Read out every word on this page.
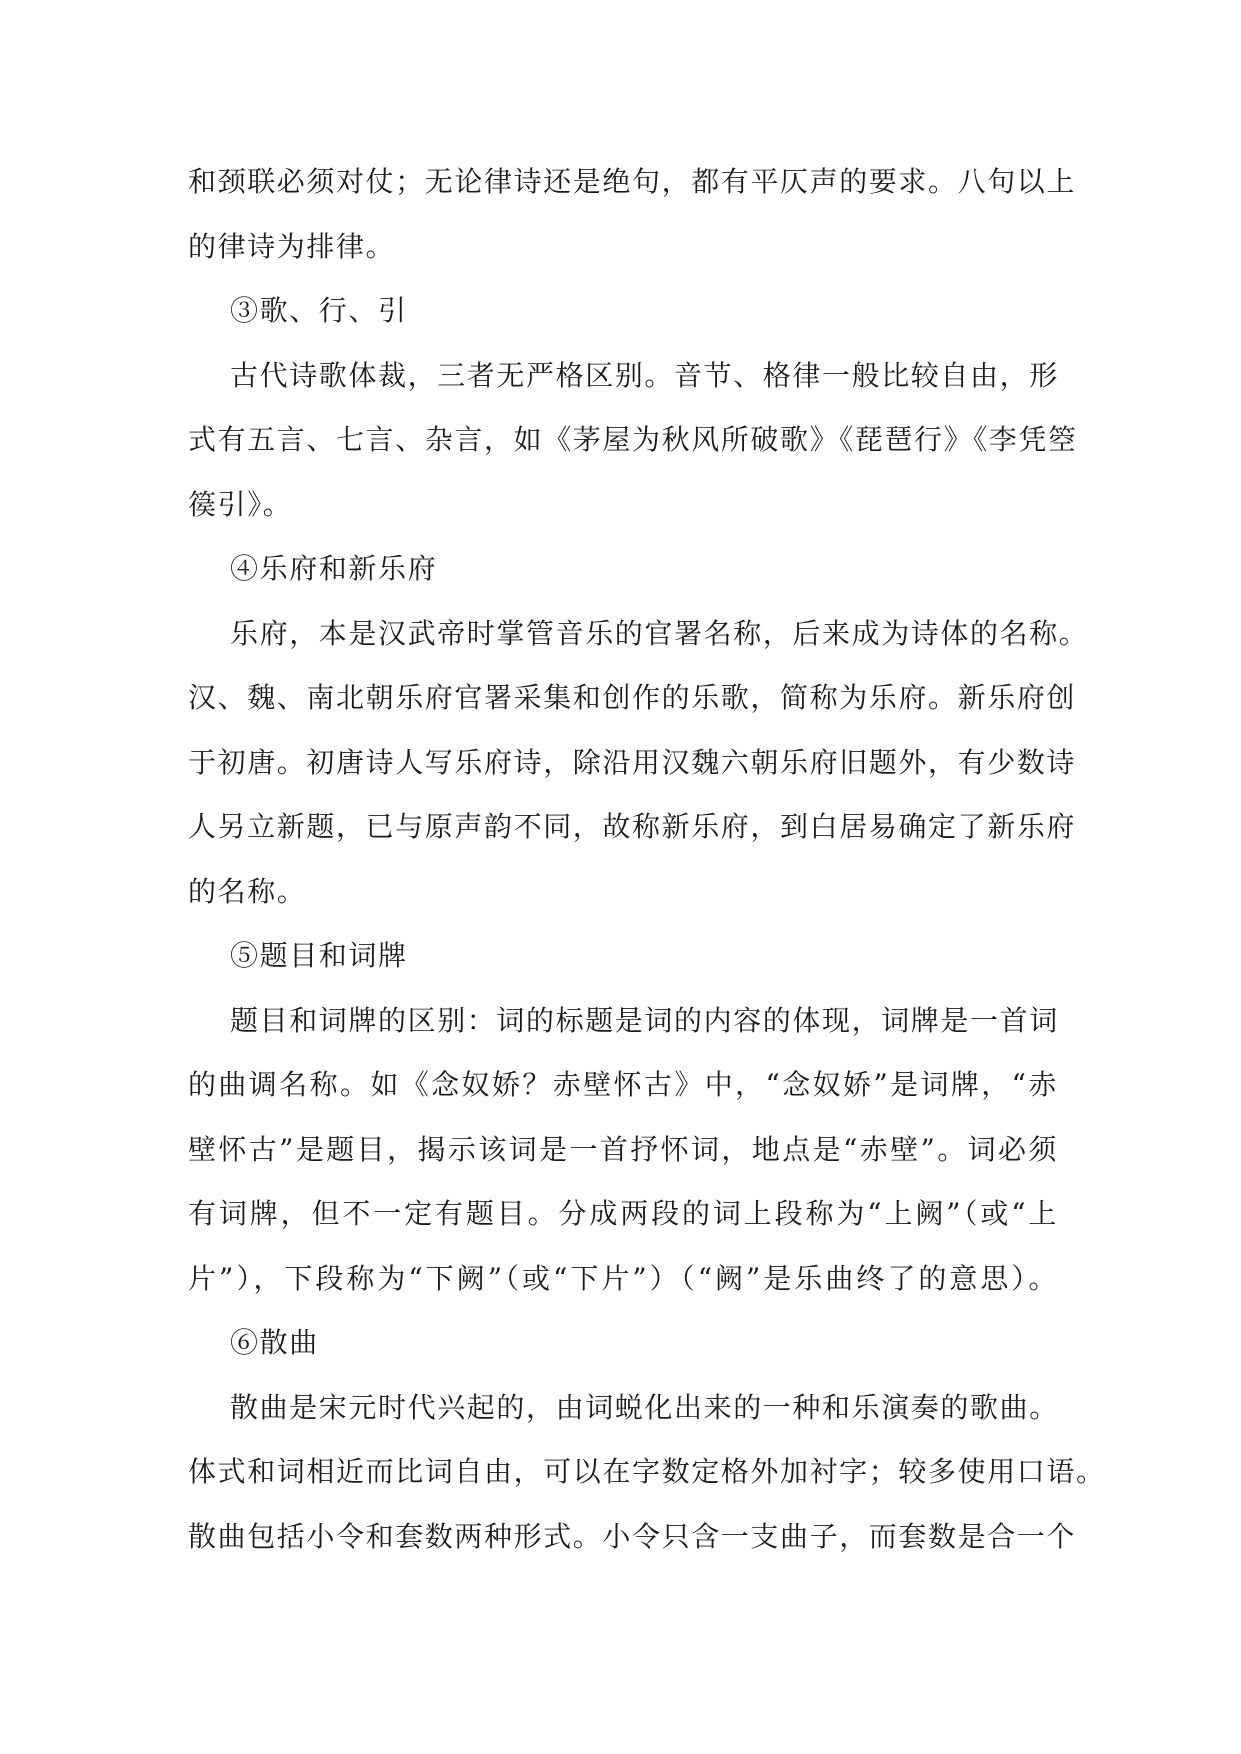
和颈联必须对仗；无论律诗还是绝句，都有平仄声的要求。八句以上
的律诗为排律。
③歌、行、引
古代诗歌体裁，三者无严格区别。音节、格律一般比较自由，形
式有五言、七言、杂言，如《茅屋为秋风所破歌》《琵琶行》《李凭箜
篌引》。
④乐府和新乐府
乐府，本是汉武帝时掌管音乐的官署名称，后来成为诗体的名称。
汉、魏、南北朝乐府官署采集和创作的乐歌，简称为乐府。新乐府创
于初唐。初唐诗人写乐府诗，除沿用汉魏六朝乐府旧题外，有少数诗
人另立新题，已与原声韵不同，故称新乐府，到白居易确定了新乐府
的名称。
⑤题目和词牌
题目和词牌的区别：词的标题是词的内容的体现，词牌是一首词
的曲调名称。如《念奴娇？赤壁怀古》中，“念奴娇”是词牌，“赤
壁怀古”是题目，揭示该词是一首抒怀词，地点是“赤壁”。词必须
有词牌，但不一定有题目。分成两段的词上段称为“上阙”（或“上
片”），下段称为“下阙”（或“下片”）（“阙”是乐曲终了的意思）。
⑥散曲
散曲是宋元时代兴起的，由词蜕化出来的一种和乐演奏的歌曲。
体式和词相近而比词自由，可以在字数定格外加衬字；较多使用口语。
散曲包括小令和套数两种形式。小令只含一支曲子，而套数是合一个
